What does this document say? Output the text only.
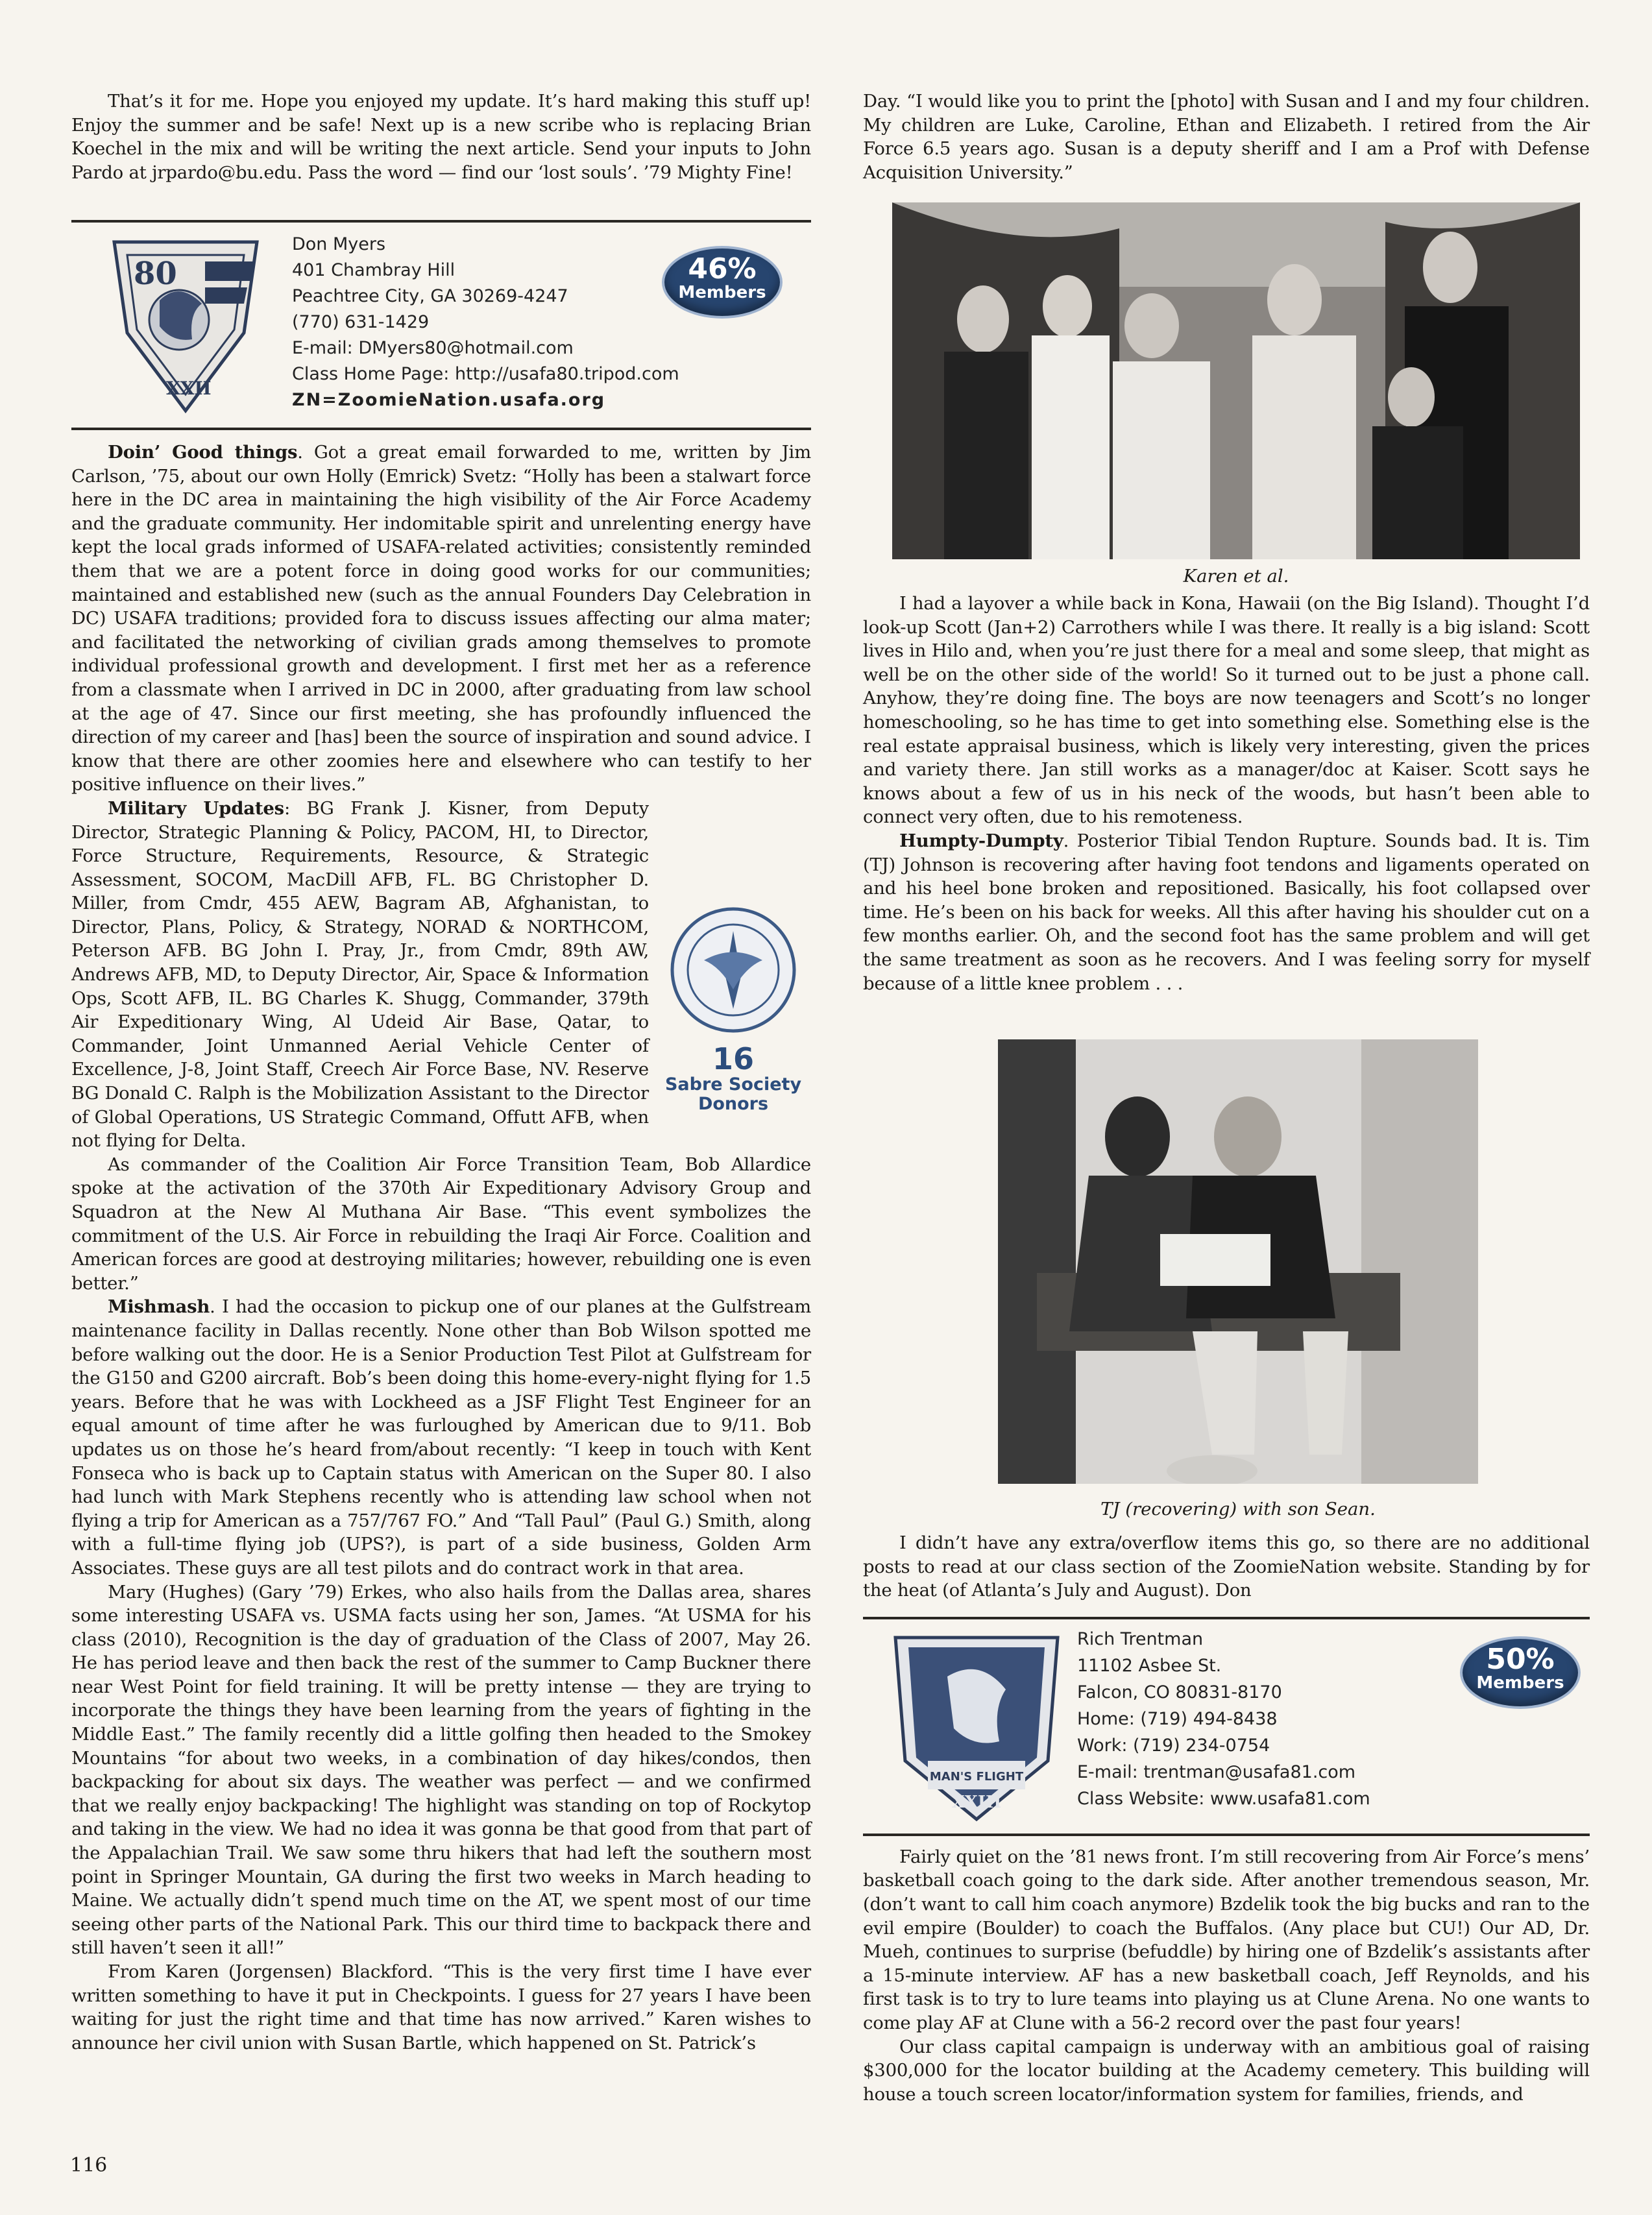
That’s it for me. Hope you enjoyed my update. It’s hard making this stuff up! Enjoy the summer and be safe! Next up is a new scribe who is replacing Brian Koechel in the mix and will be writing the next article. Send your inputs to John Pardo at jrpardo@bu.edu. Pass the word — find our ‘lost souls’. ’79 Mighty Fine!

80
XXII
Don Myers
401 Chambray Hill
Peachtree City, GA 30269-4247
(770) 631-1429
E-mail: DMyers80@hotmail.com
Class Home Page: http://usafa80.tripod.com
ZN=ZoomieNation.usafa.org
46%
Members

Doin’ Good things. Got a great email forwarded to me, written by Jim Carlson, ’75, about our own Holly (Emrick) Svetz: “Holly has been a stalwart force here in the DC area in maintaining the high visibility of the Air Force Academy and the graduate community. Her indomitable spirit and unrelenting energy have kept the local grads informed of USAFA-related activities; consistently reminded them that we are a potent force in doing good works for our communities; maintained and established new (such as the annual Founders Day Celebration in DC) USAFA traditions; provided fora to discuss issues affecting our alma mater; and facilitated the networking of civilian grads among themselves to promote individual professional growth and development. I first met her as a reference from a classmate when I arrived in DC in 2000, after graduating from law school at the age of 47. Since our first meeting, she has profoundly influenced the direction of my career and [has] been the source of inspiration and sound advice. I know that there are other zoomies here and elsewhere who can testify to her positive influence on their lives.”

Military Updates: BG Frank J. Kisner, from Deputy Director, Strategic Planning & Policy, PACOM, HI, to Director, Force Structure, Requirements, Resource, & Strategic Assessment, SOCOM, MacDill AFB, FL. BG Christopher D. Miller, from Cmdr, 455 AEW, Bagram AB, Afghanistan, to Director, Plans, Policy, & Strategy, NORAD & NORTHCOM, Peterson AFB. BG John I. Pray, Jr., from Cmdr, 89th AW, Andrews AFB, MD, to Deputy Director, Air, Space & Information Ops, Scott AFB, IL. BG Charles K. Shugg, Commander, 379th Air Expeditionary Wing, Al Udeid Air Base, Qatar, to Commander, Joint Unmanned Aerial Vehicle Center of Excellence, J-8, Joint Staff, Creech Air Force Base, NV. Reserve BG Donald C. Ralph is the Mobilization Assistant to the Director of Global Operations, US Strategic Command, Offutt AFB, when not flying for Delta.

As commander of the Coalition Air Force Transition Team, Bob Allardice spoke at the activation of the 370th Air Expeditionary Advisory Group and Squadron at the New Al Muthana Air Base. “This event symbolizes the commitment of the U.S. Air Force in rebuilding the Iraqi Air Force. Coalition and American forces are good at destroying militaries; however, rebuilding one is even better.”

Mishmash. I had the occasion to pickup one of our planes at the Gulfstream maintenance facility in Dallas recently. None other than Bob Wilson spotted me before walking out the door. He is a Senior Production Test Pilot at Gulfstream for the G150 and G200 aircraft. Bob’s been doing this home-every-night flying for 1.5 years. Before that he was with Lockheed as a JSF Flight Test Engineer for an equal amount of time after he was furloughed by American due to 9/11. Bob updates us on those he’s heard from/about recently: “I keep in touch with Kent Fonseca who is back up to Captain status with American on the Super 80. I also had lunch with Mark Stephens recently who is attending law school when not flying a trip for American as a 757/767 FO.” And “Tall Paul” (Paul G.) Smith, along with a full-time flying job (UPS?), is part of a side business, Golden Arm Associates. These guys are all test pilots and do contract work in that area.

Mary (Hughes) (Gary ’79) Erkes, who also hails from the Dallas area, shares some interesting USAFA vs. USMA facts using her son, James. “At USMA for his class (2010), Recognition is the day of graduation of the Class of 2007, May 26. He has period leave and then back the rest of the summer to Camp Buckner there near West Point for field training. It will be pretty intense — they are trying to incorporate the things they have been learning from the years of fighting in the Middle East.” The family recently did a little golfing then headed to the Smokey Mountains “for about two weeks, in a combination of day hikes/condos, then backpacking for about six days. The weather was perfect — and we confirmed that we really enjoy backpacking! The highlight was standing on top of Rockytop and taking in the view. We had no idea it was gonna be that good from that part of the Appalachian Trail. We saw some thru hikers that had left the southern most point in Springer Mountain, GA during the first two weeks in March heading to Maine. We actually didn’t spend much time on the AT, we spent most of our time seeing other parts of the National Park. This our third time to backpack there and still haven’t seen it all!”

From Karen (Jorgensen) Blackford. “This is the very first time I have ever written something to have it put in Checkpoints. I guess for 27 years I have been waiting for just the right time and that time has now arrived.” Karen wishes to announce her civil union with Susan Bartle, which happened on St. Patrick’s

16
Sabre Society
Donors

Day. “I would like you to print the [photo] with Susan and I and my four children. My children are Luke, Caroline, Ethan and Elizabeth. I retired from the Air Force 6.5 years ago. Susan is a deputy sheriff and I am a Prof with Defense Acquisition University.”

Karen et al.

I had a layover a while back in Kona, Hawaii (on the Big Island). Thought I’d look-up Scott (Jan+2) Carrothers while I was there. It really is a big island: Scott lives in Hilo and, when you’re just there for a meal and some sleep, that might as well be on the other side of the world! So it turned out to be just a phone call. Anyhow, they’re doing fine. The boys are now teenagers and Scott’s no longer homeschooling, so he has time to get into something else. Something else is the real estate appraisal business, which is likely very interesting, given the prices and variety there. Jan still works as a manager/doc at Kaiser. Scott says he knows about a few of us in his neck of the woods, but hasn’t been able to connect very often, due to his remoteness.

Humpty-Dumpty. Posterior Tibial Tendon Rupture. Sounds bad. It is. Tim (TJ) Johnson is recovering after having foot tendons and ligaments operated on and his heel bone broken and repositioned. Basically, his foot collapsed over time. He’s been on his back for weeks. All this after having his shoulder cut on a few months earlier. Oh, and the second foot has the same problem and will get the same treatment as soon as he recovers. And I was feeling sorry for myself because of a little knee problem . . .

TJ (recovering) with son Sean.

I didn’t have any extra/overflow items this go, so there are no additional posts to read at our class section of the ZoomieNation website. Standing by for the heat (of Atlanta’s July and August). Don

MAN'S FLIGHT
XXIII
Rich Trentman
11102 Asbee St.
Falcon, CO 80831-8170
Home: (719) 494-8438
Work: (719) 234-0754
E-mail: trentman@usafa81.com
Class Website: www.usafa81.com
50%
Members

Fairly quiet on the ’81 news front. I’m still recovering from Air Force’s mens’ basketball coach going to the dark side. After another tremendous season, Mr. (don’t want to call him coach anymore) Bzdelik took the big bucks and ran to the evil empire (Boulder) to coach the Buffalos. (Any place but CU!) Our AD, Dr. Mueh, continues to surprise (befuddle) by hiring one of Bzdelik’s assistants after a 15-minute interview. AF has a new basketball coach, Jeff Reynolds, and his first task is to try to lure teams into playing us at Clune Arena. No one wants to come play AF at Clune with a 56-2 record over the past four years!

Our class capital campaign is underway with an ambitious goal of raising $300,000 for the locator building at the Academy cemetery. This building will house a touch screen locator/information system for families, friends, and

116
